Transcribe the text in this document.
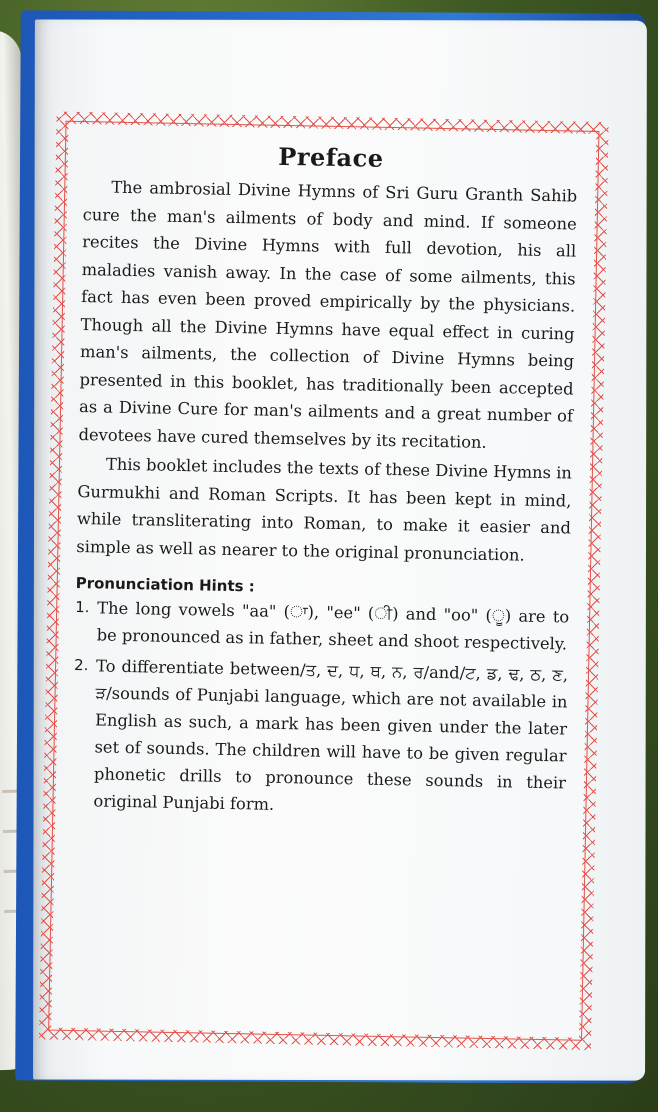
Preface

The ambrosial Divine Hymns of Sri Guru Granth Sahib cure the man's ailments of body and mind. If someone recites the Divine Hymns with full devotion, his all maladies vanish away. In the case of some ailments, this fact has even been proved empirically by the physicians. Though all the Divine Hymns have equal effect in curing man's ailments, the collection of Divine Hymns being presented in this booklet, has traditionally been accepted as a Divine Cure for man's ailments and a great number of devotees have cured themselves by its recitation.

This booklet includes the texts of these Divine Hymns in Gurmukhi and Roman Scripts. It has been kept in mind, while transliterating into Roman, to make it easier and simple as well as nearer to the original pronunciation.

Pronunciation Hints :
1. The long vowels "aa" (ਾ), "ee" (ੀ) and "oo" (ੂ) are to be pronounced as in father, sheet and shoot respectively.
2. To differentiate between/ਤ, ਦ, ਧ, ਥ, ਨ, ਰ/and/ਟ, ਡ, ਢ, ਠ, ਣ, ੜ/sounds of Punjabi language, which are not available in English as such, a mark has been given under the later set of sounds. The children will have to be given regular phonetic drills to pronounce these sounds in their original Punjabi form.
